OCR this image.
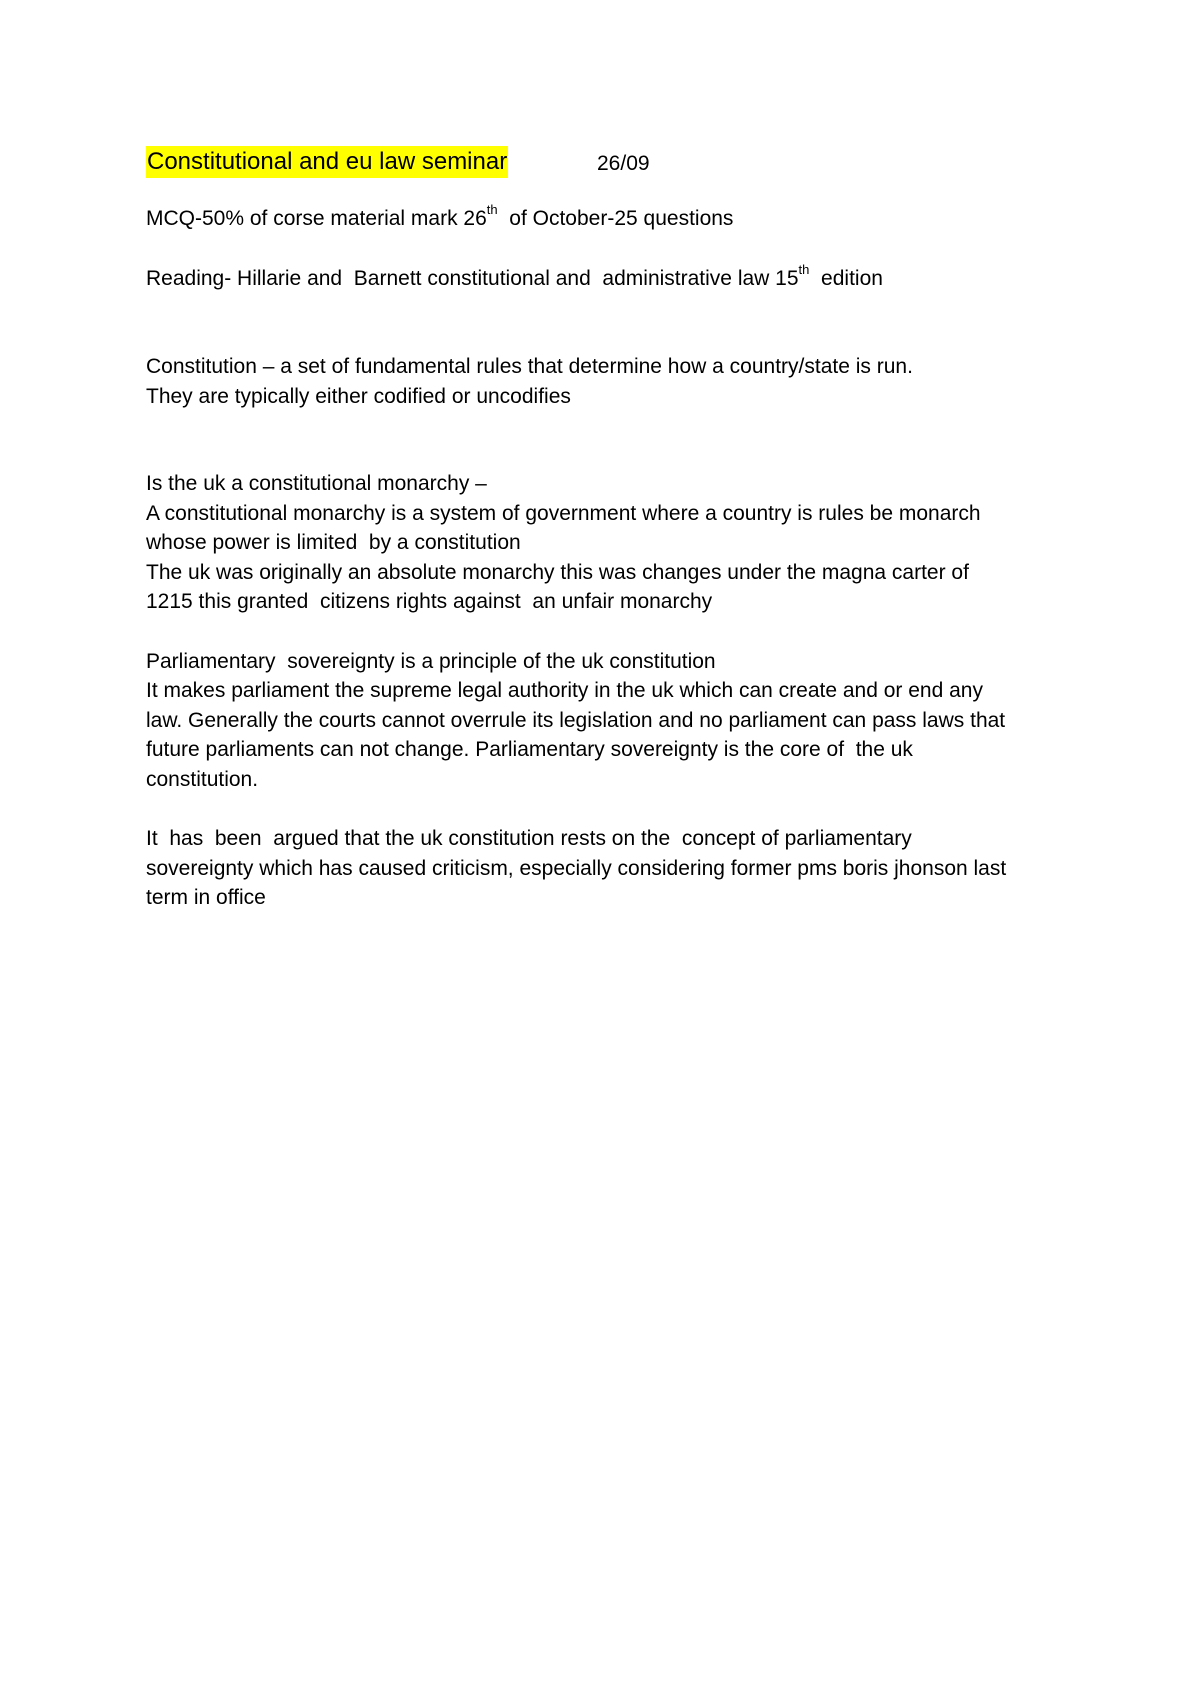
Constitutional and eu law seminar	26/09

MCQ-50% of corse material mark 26th  of October-25 questions

Reading- Hillarie and  Barnett constitutional and  administrative law 15th  edition

Constitution – a set of fundamental rules that determine how a country/state is run.
They are typically either codified or uncodifies
Is the uk a constitutional monarchy –
A constitutional monarchy is a system of government where a country is rules be monarch
whose power is limited  by a constitution
The uk was originally an absolute monarchy this was changes under the magna carter of
1215 this granted  citizens rights against  an unfair monarchy
Parliamentary  sovereignty is a principle of the uk constitution
It makes parliament the supreme legal authority in the uk which can create and or end any
law. Generally the courts cannot overrule its legislation and no parliament can pass laws that
future parliaments can not change. Parliamentary sovereignty is the core of  the uk
constitution.
It  has  been  argued that the uk constitution rests on the  concept of parliamentary
sovereignty which has caused criticism, especially considering former pms boris jhonson last
term in office
